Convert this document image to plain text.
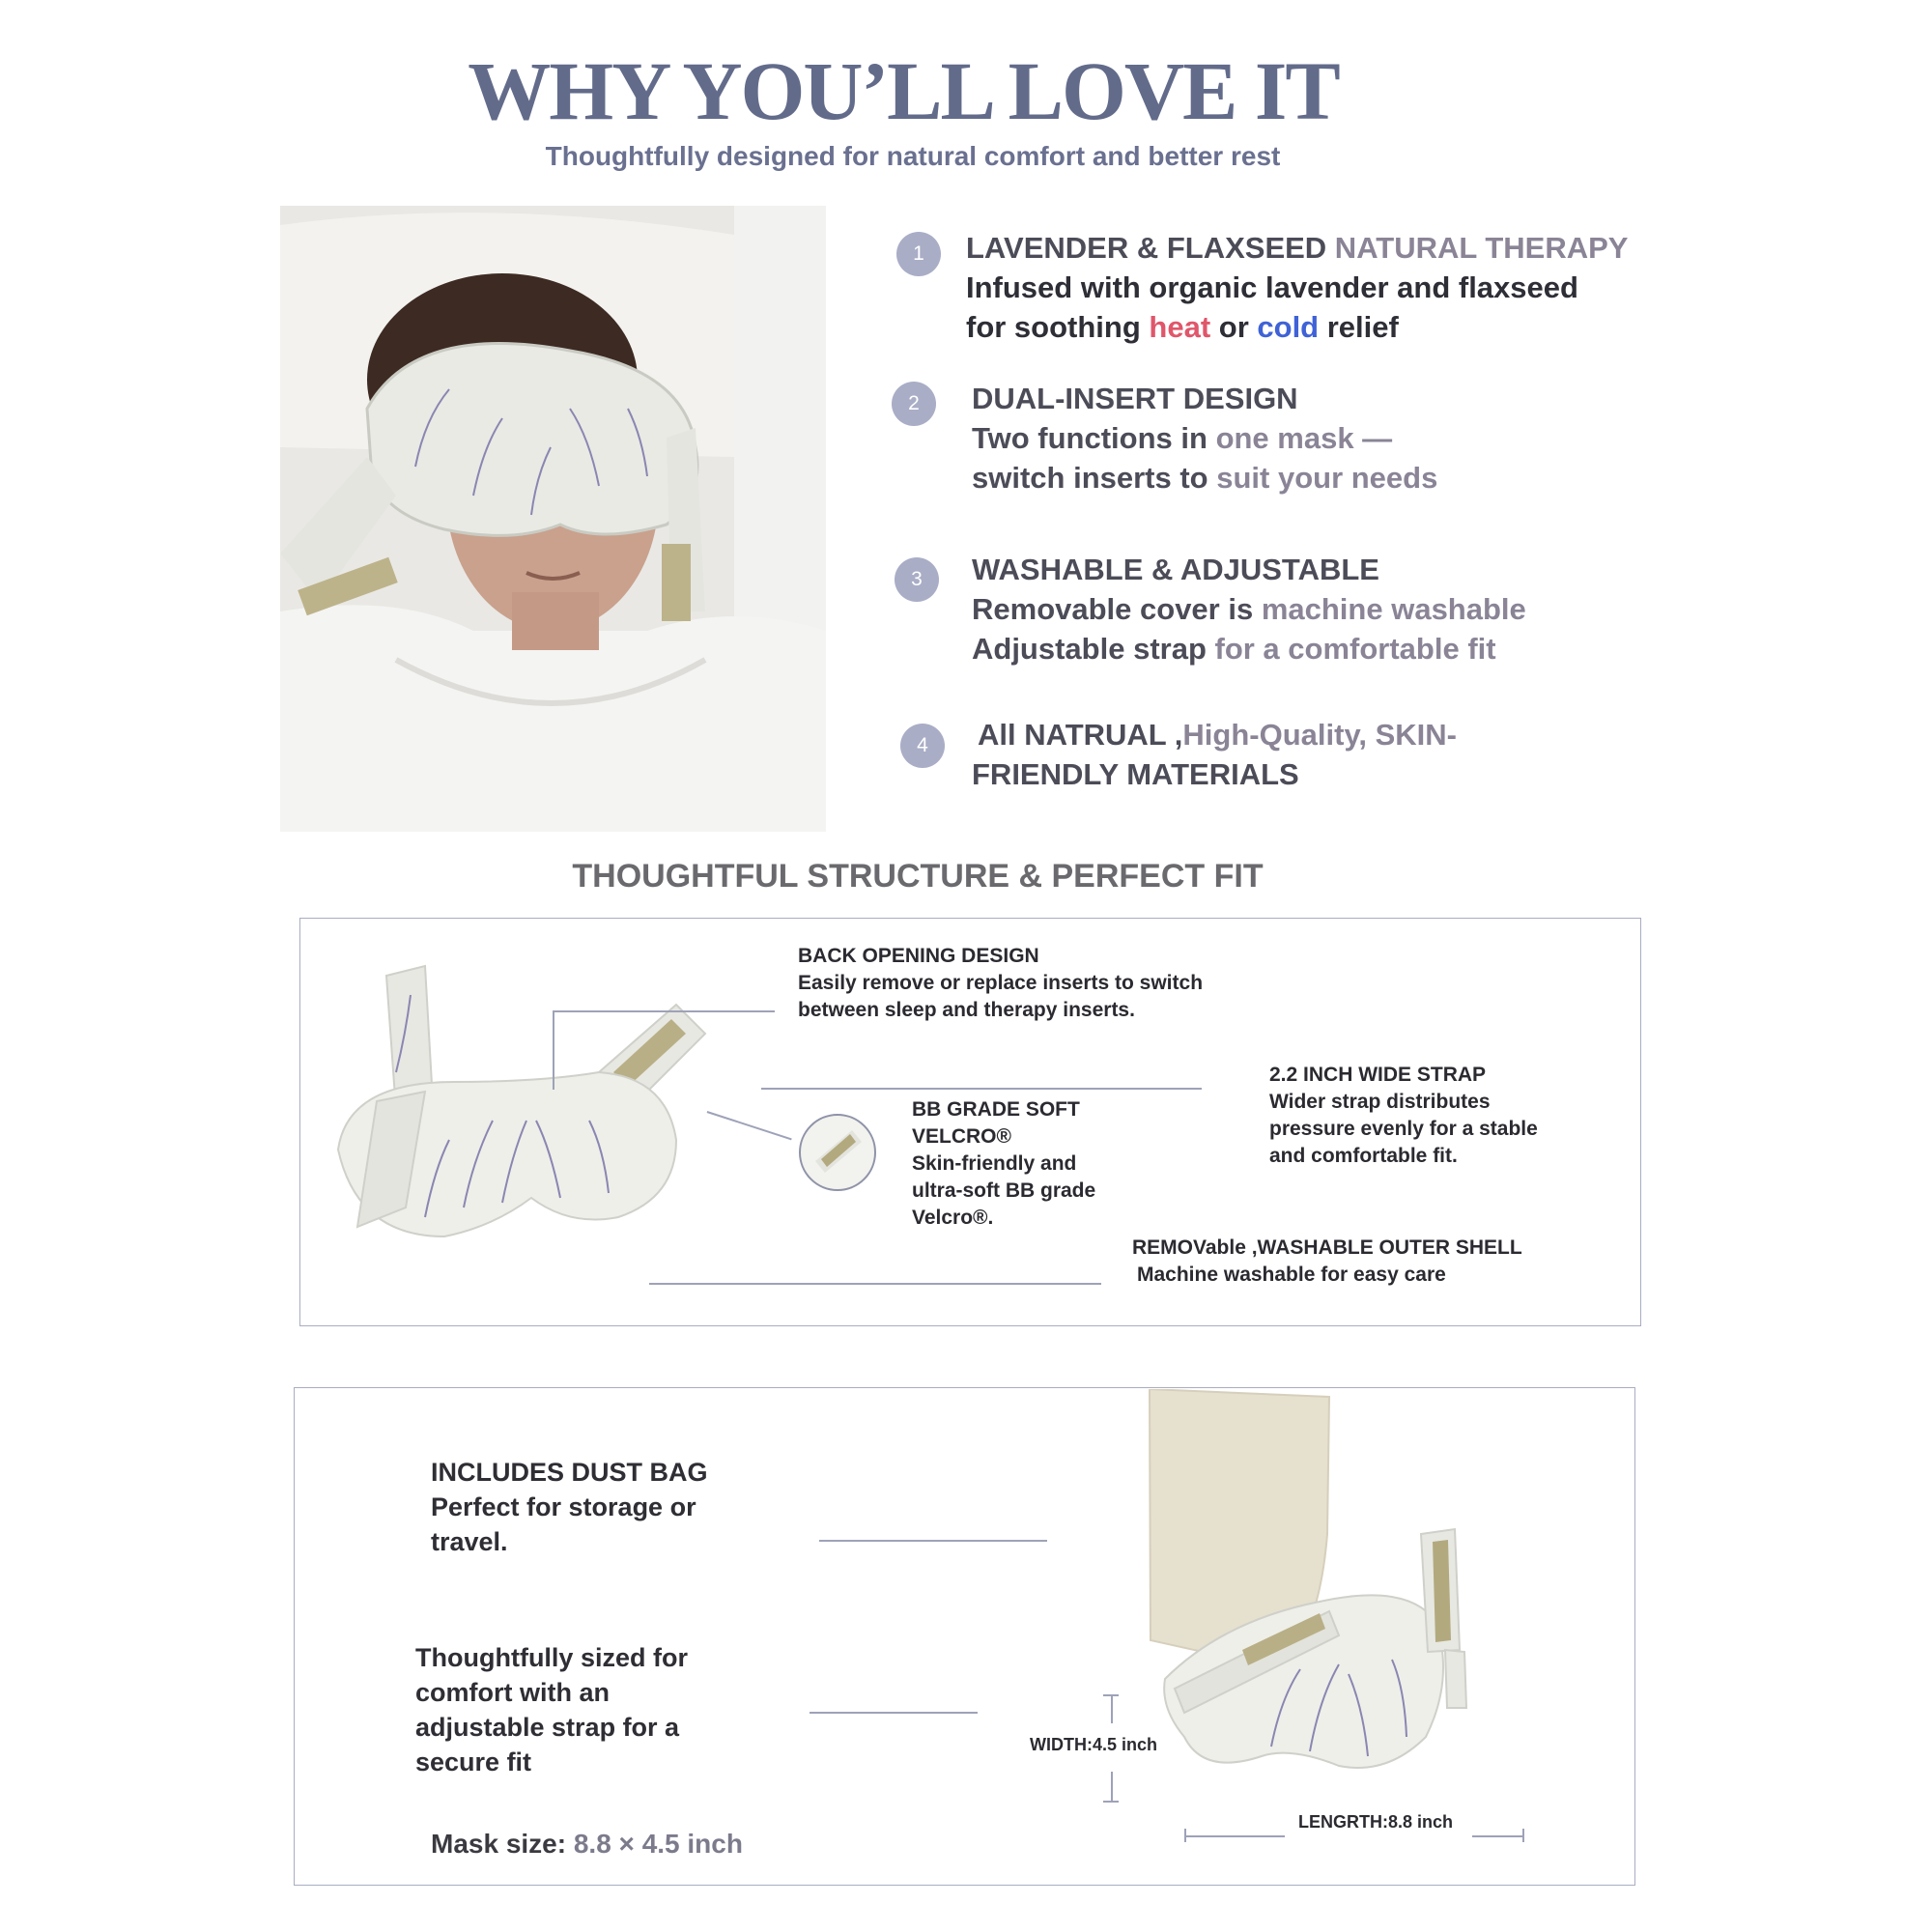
WHY YOU’LL LOVE IT
Thoughtfully designed for natural comfort and better rest
1	LAVENDER & FLAXSEED NATURAL THERAPY
Infused with organic lavender and flaxseed
for soothing heat or cold relief
2	DUAL-INSERT DESIGN
Two functions in one mask —
switch inserts to suit your needs
3	WASHABLE & ADJUSTABLE
Removable cover is machine washable
Adjustable strap for a comfortable fit
4	All NATRUAL ,High-Quality, SKIN-
FRIENDLY MATERIALS
THOUGHTFUL STRUCTURE & PERFECT FIT
BACK OPENING DESIGN
Easily remove or replace inserts to switch
between sleep and therapy inserts.
BB GRADE SOFT
VELCRO®
Skin-friendly and
ultra-soft BB grade
Velcro®.
2.2 INCH WIDE STRAP
Wider strap distributes
pressure evenly for a stable
and comfortable fit.
REMOVable ,WASHABLE OUTER SHELL
Machine washable for easy care
INCLUDES DUST BAG
Perfect for storage or
travel.
Thoughtfully sized for
comfort with an
adjustable strap for a
secure fit
Mask size: 8.8 × 4.5 inch
WIDTH:4.5 inch
LENGRTH:8.8 inch
